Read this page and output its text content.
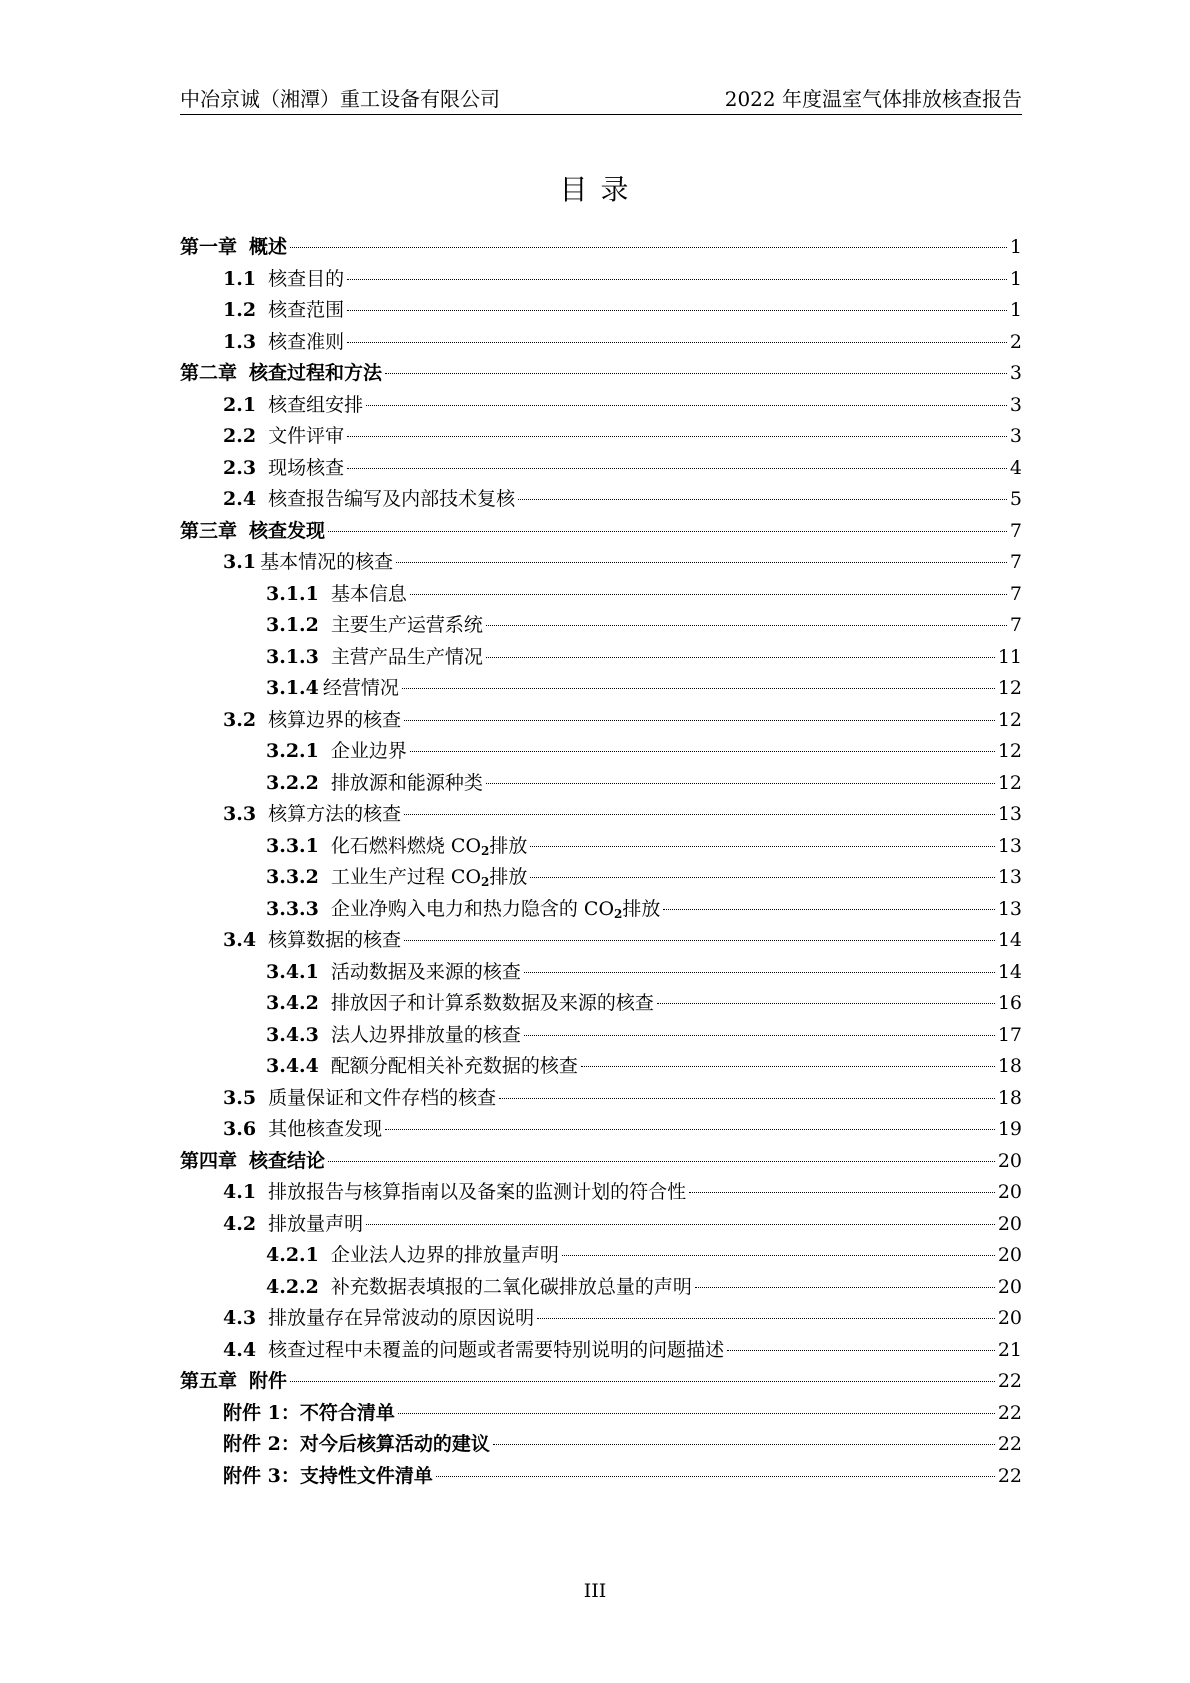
中冶京诚（湘潭）重工设备有限公司	2022 年度温室气体排放核查报告
目 录
第一章 概述	1
1.1 核查目的	1
1.2 核查范围	1
1.3 核查准则	2
第二章 核查过程和方法	3
2.1 核查组安排	3
2.2 文件评审	3
2.3 现场核查	4
2.4 核查报告编写及内部技术复核	5
第三章 核查发现	7
3.1 基本情况的核查	7
3.1.1 基本信息	7
3.1.2 主要生产运营系统	7
3.1.3 主营产品生产情况	11
3.1.4 经营情况	12
3.2 核算边界的核查	12
3.2.1 企业边界	12
3.2.2 排放源和能源种类	12
3.3 核算方法的核查	13
3.3.1 化石燃料燃烧 $CO_2$排放	13
3.3.2 工业生产过程 $CO_2$排放	13
3.3.3 企业净购入电力和热力隐含的 $CO_2$排放	13
3.4 核算数据的核查	14
3.4.1 活动数据及来源的核查	14
3.4.2 排放因子和计算系数数据及来源的核查	16
3.4.3 法人边界排放量的核查	17
3.4.4 配额分配相关补充数据的核查	18
3.5 质量保证和文件存档的核查	18
3.6 其他核查发现	19
第四章 核查结论	20
4.1 排放报告与核算指南以及备案的监测计划的符合性	20
4.2 排放量声明	20
4.2.1 企业法人边界的排放量声明	20
4.2.2 补充数据表填报的二氧化碳排放总量的声明	20
4.3 排放量存在异常波动的原因说明	20
4.4 核查过程中未覆盖的问题或者需要特别说明的问题描述	21
第五章 附件	22
附件 1： 不符合清单	22
附件 2： 对今后核算活动的建议	22
附件 3： 支持性文件清单	22
III
